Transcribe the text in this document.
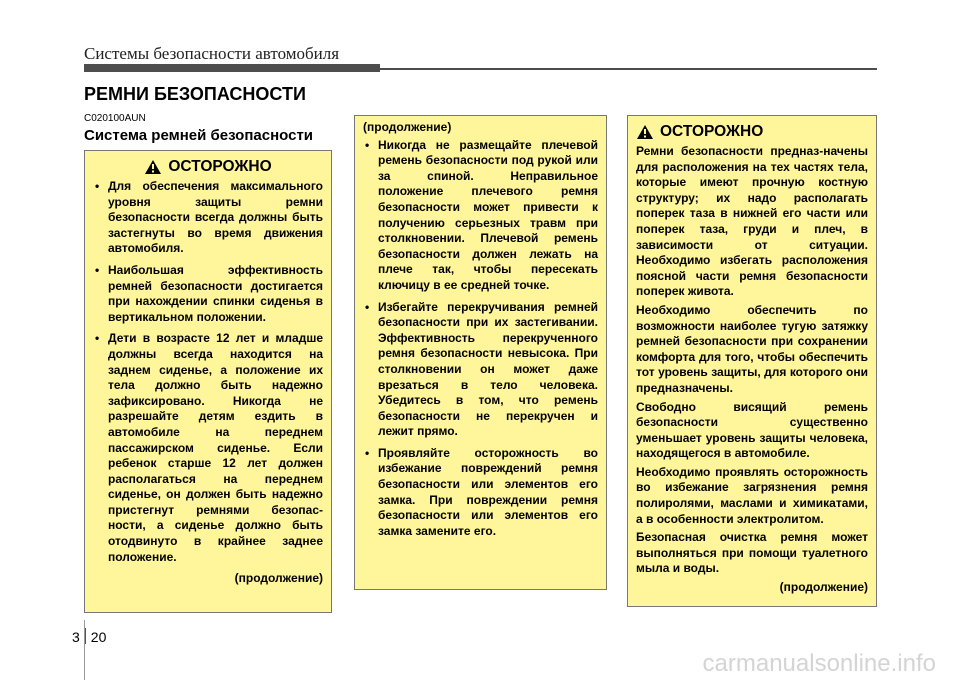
Системы безопасности автомобиля
РЕМНИ БЕЗОПАСНОСТИ
C020100AUN
Система ремней безопасности
ОСТОРОЖНО
• Для обеспечения максимального уровня защиты ремни безопасности всегда должны быть застегнуты во время движения автомобиля.
• Наибольшая эффективность ремней безопасности достигается при нахождении спинки сиденья в вертикальном положении.
• Дети в возрасте 12 лет и младше должны всегда находится на заднем сиденье, а положение их тела должно быть надежно зафиксировано. Никогда не разрешайте детям ездить в автомобиле на переднем пассажирском сиденье. Если ребенок старше 12 лет должен располагаться на переднем сиденье, он должен быть надежно пристегнут ремнями безопас-ности, а сиденье должно быть отодвинуто в крайнее заднее положение.
(продолжение)
(продолжение)
• Никогда не размещайте плечевой ремень безопасности под рукой или за спиной. Неправильное положение плечевого ремня безопасности может привести к получению серьезных травм при столкновении. Плечевой ремень безопасности должен лежать на плече так, чтобы пересекать ключицу в ее средней точке.
• Избегайте перекручивания ремней безопасности при их застегивании. Эффективность перекрученного ремня безопасности невысока. При столкновении он может даже врезаться в тело человека. Убедитесь в том, что ремень безопасности не перекручен и лежит прямо.
• Проявляйте осторожность во избежание повреждений ремня безопасности или элементов его замка. При повреждении ремня безопасности или элементов его замка замените его.
ОСТОРОЖНО

Ремни безопасности предназ-начены для расположения на тех частях тела, которые имеют прочную костную структуру; их надо располагать поперек таза в нижней его части или поперек таза, груди и плеч, в зависимости от ситуации. Необходимо избегать расположения поясной части ремня безопасности поперек живота.

Необходимо обеспечить по возможности наиболее тугую затяжку ремней безопасности при сохранении комфорта для того, чтобы обеспечить тот уровень защиты, для которого они предназначены.

Свободно висящий ремень безопасности существенно уменьшает уровень защиты человека, находящегося в автомобиле.

Необходимо проявлять осторожность во избежание загрязнения ремня полиролями, маслами и химикатами, а в особенности электролитом.

Безопасная очистка ремня может выполняться при помощи туалетного мыла и воды.

(продолжение)
3 20
carmanualsonline.info
